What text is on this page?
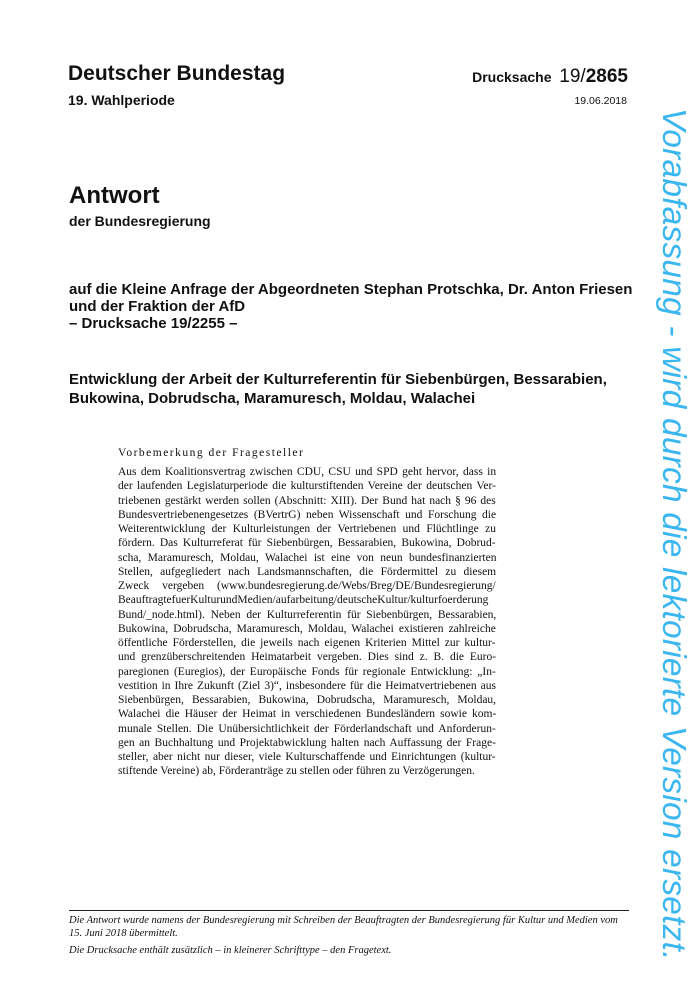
Deutscher Bundestag
19. Wahlperiode
Drucksache 19/2865
19.06.2018
Antwort
der Bundesregierung
auf die Kleine Anfrage der Abgeordneten Stephan Protschka, Dr. Anton Friesen
und der Fraktion der AfD
– Drucksache 19/2255 –
Entwicklung der Arbeit der Kulturreferentin für Siebenbürgen, Bessarabien, Bukowina, Dobrudscha, Maramuresch, Moldau, Walachei
Vorbemerkung der Fragesteller
Aus dem Koalitionsvertrag zwischen CDU, CSU und SPD geht hervor, dass in
der laufenden Legislaturperiode die kulturstiftenden Vereine der deutschen Ver-
triebenen gestärkt werden sollen (Abschnitt: XIII). Der Bund hat nach § 96 des
Bundesvertriebenengesetzes (BVertrG) neben Wissenschaft und Forschung die
Weiterentwicklung der Kulturleistungen der Vertriebenen und Flüchtlinge zu
fördern. Das Kulturreferat für Siebenbürgen, Bessarabien, Bukowina, Dobrud-
scha, Maramuresch, Moldau, Walachei ist eine von neun bundesfinanzierten
Stellen, aufgegliedert nach Landsmannschaften, die Fördermittel zu diesem
Zweck vergeben (www.bundesregierung.de/Webs/Breg/DE/Bundesregierung/
BeauftragtefuerKulturundMedien/aufarbeitung/deutscheKultur/kulturfoerderung
Bund/_node.html). Neben der Kulturreferentin für Siebenbürgen, Bessarabien,
Bukowina, Dobrudscha, Maramuresch, Moldau, Walachei existieren zahlreiche
öffentliche Förderstellen, die jeweils nach eigenen Kriterien Mittel zur kultur-
und grenzüberschreitenden Heimatarbeit vergeben. Dies sind z. B. die Euro-
paregionen (Euregios), der Europäische Fonds für regionale Entwicklung: „In-
vestition in Ihre Zukunft (Ziel 3)“, insbesondere für die Heimatvertriebenen aus
Siebenbürgen, Bessarabien, Bukowina, Dobrudscha, Maramuresch, Moldau,
Walachei die Häuser der Heimat in verschiedenen Bundesländern sowie kom-
munale Stellen. Die Unübersichtlichkeit der Förderlandschaft und Anforderun-
gen an Buchhaltung und Projektabwicklung halten nach Auffassung der Frage-
steller, aber nicht nur dieser, viele Kulturschaffende und Einrichtungen (kultur-
stiftende Vereine) ab, Förderanträge zu stellen oder führen zu Verzögerungen.
Die Antwort wurde namens der Bundesregierung mit Schreiben der Beauftragten der Bundesregierung für Kultur und Medien vom 15. Juni 2018 übermittelt.
Die Drucksache enthält zusätzlich – in kleinerer Schrifttype – den Fragetext.	Vorabfassung - wird durch die lektorierte Version ersetzt.
